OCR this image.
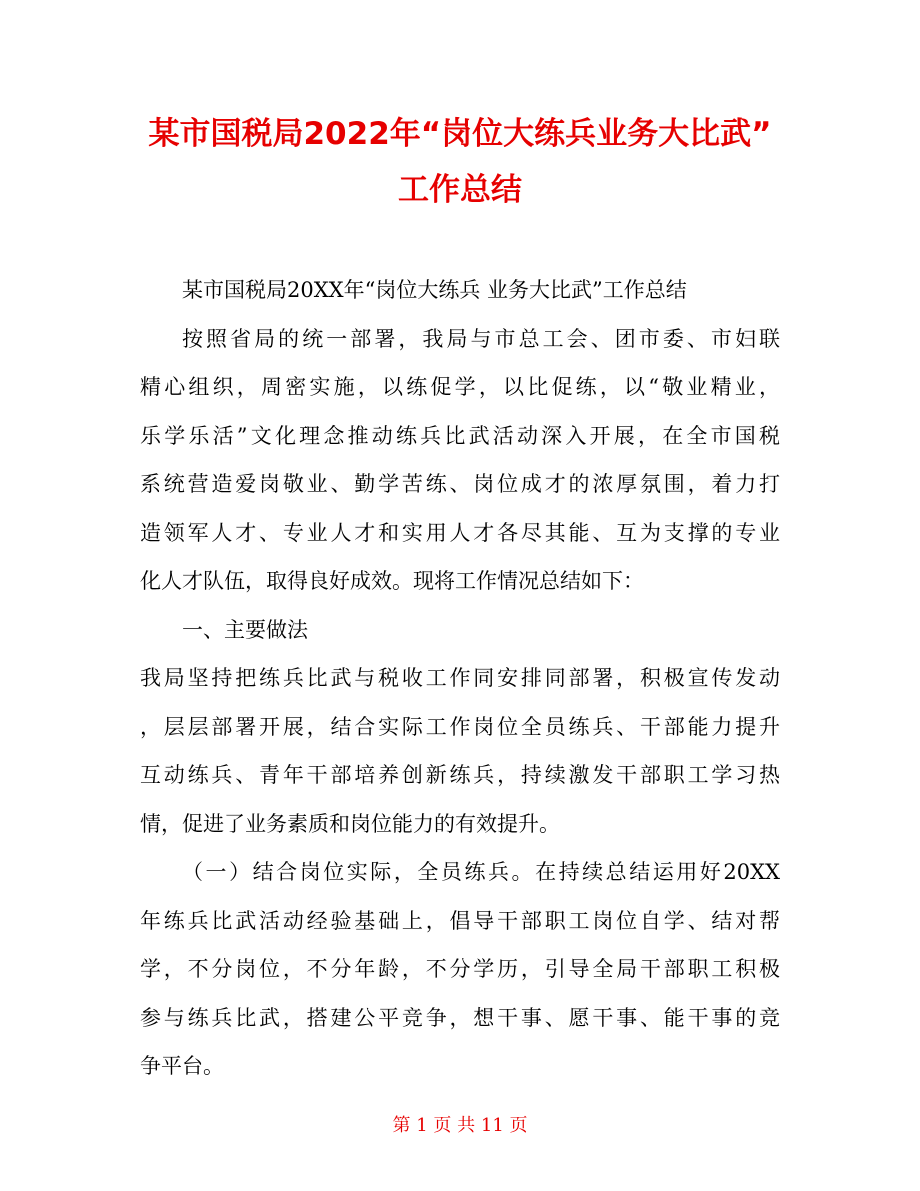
某市国税局2022年“岗位大练兵业务大比武”
工作总结
某市国税局20XX年“岗位大练兵 业务大比武”工作总结
按照省局的统一部署，我局与市总工会、团市委、市妇联
精心组织，周密实施，以练促学，以比促练，以“敬业精业，
乐学乐活”文化理念推动练兵比武活动深入开展，在全市国税
系统营造爱岗敬业、勤学苦练、岗位成才的浓厚氛围，着力打
造领军人才、专业人才和实用人才各尽其能、互为支撑的专业
化人才队伍，取得良好成效。现将工作情况总结如下：
一、主要做法
我局坚持把练兵比武与税收工作同安排同部署，积极宣传发动
，层层部署开展，结合实际工作岗位全员练兵、干部能力提升
互动练兵、青年干部培养创新练兵，持续激发干部职工学习热
情，促进了业务素质和岗位能力的有效提升。
（一）结合岗位实际，全员练兵。在持续总结运用好20XX
年练兵比武活动经验基础上，倡导干部职工岗位自学、结对帮
学，不分岗位，不分年龄，不分学历，引导全局干部职工积极
参与练兵比武，搭建公平竞争，想干事、愿干事、能干事的竞
争平台。
第 1 页 共 11 页
